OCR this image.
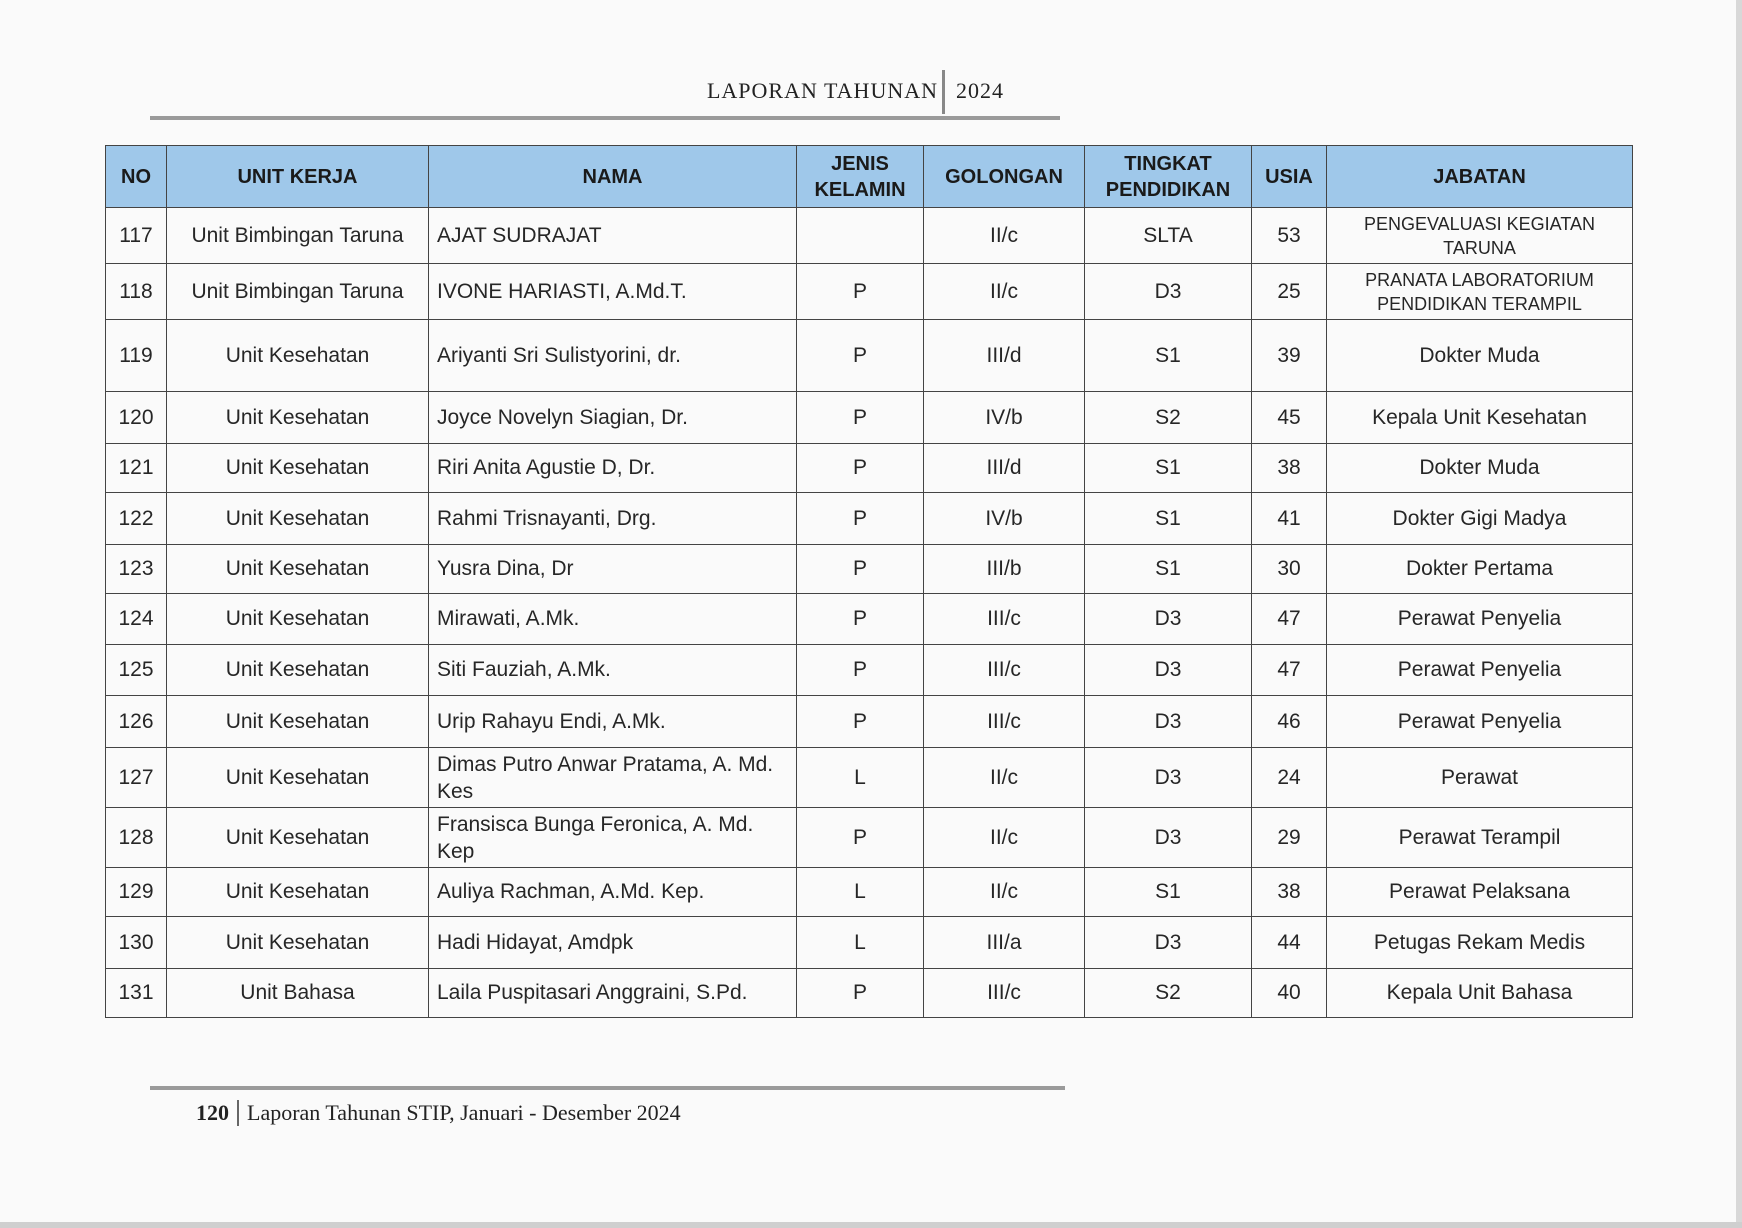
LAPORAN TAHUNAN 2024
NO	UNIT KERJA	NAMA	JENIS KELAMIN	GOLONGAN	TINGKAT PENDIDIKAN	USIA	JABATAN
117	Unit Bimbingan Taruna	AJAT SUDRAJAT		II/c	SLTA	53	PENGEVALUASI KEGIATAN TARUNA
118	Unit Bimbingan Taruna	IVONE HARIASTI, A.Md.T.	P	II/c	D3	25	PRANATA LABORATORIUM PENDIDIKAN TERAMPIL
119	Unit Kesehatan	Ariyanti Sri Sulistyorini, dr.	P	III/d	S1	39	Dokter Muda
120	Unit Kesehatan	Joyce Novelyn Siagian, Dr.	P	IV/b	S2	45	Kepala Unit Kesehatan
121	Unit Kesehatan	Riri Anita Agustie D, Dr.	P	III/d	S1	38	Dokter Muda
122	Unit Kesehatan	Rahmi Trisnayanti, Drg.	P	IV/b	S1	41	Dokter Gigi Madya
123	Unit Kesehatan	Yusra Dina, Dr	P	III/b	S1	30	Dokter Pertama
124	Unit Kesehatan	Mirawati, A.Mk.	P	III/c	D3	47	Perawat Penyelia
125	Unit Kesehatan	Siti Fauziah, A.Mk.	P	III/c	D3	47	Perawat Penyelia
126	Unit Kesehatan	Urip Rahayu Endi, A.Mk.	P	III/c	D3	46	Perawat Penyelia
127	Unit Kesehatan	Dimas Putro Anwar Pratama, A. Md. Kes	L	II/c	D3	24	Perawat
128	Unit Kesehatan	Fransisca Bunga Feronica, A. Md. Kep	P	II/c	D3	29	Perawat Terampil
129	Unit Kesehatan	Auliya Rachman, A.Md. Kep.	L	II/c	S1	38	Perawat Pelaksana
130	Unit Kesehatan	Hadi Hidayat, Amdpk	L	III/a	D3	44	Petugas Rekam Medis
131	Unit Bahasa	Laila Puspitasari Anggraini, S.Pd.	P	III/c	S2	40	Kepala Unit Bahasa
120 Laporan Tahunan STIP, Januari - Desember 2024
